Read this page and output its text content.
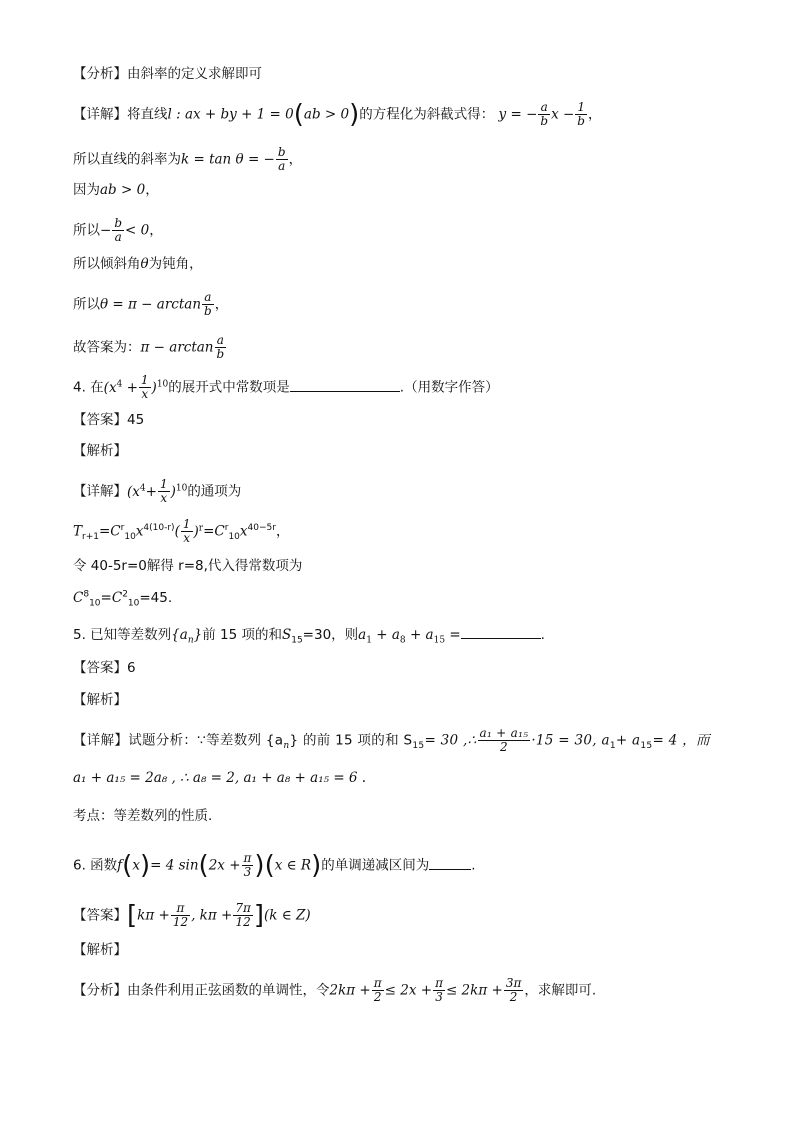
【分析】由斜率的定义求解即可
【详解】将直线l : ax + by + 1 = 0(ab > 0)的方程化为斜截式得： y = − $\frac{a}{b}$ $x - \frac{1}{b}$ ，
所以直线的斜率为k = tan θ = − $\frac{b}{a}$ ，
因为ab > 0，
所以− $\frac{b}{a} < 0$，
所以倾斜角θ为钝角，
所以$\theta = \pi - \arctan \frac{a}{b}$ ，
故答案为：$\pi - \arctan \frac{a}{b}$
4. 在$(x^4 + \frac{1}{x} )^{10}$的展开式中常数项是	.（用数字作答）
【答案】45
【解析】
【详解】$(x^4+ \frac{1}{x} )^{10}$的通项为
$T_{r+1}=C^r_{10}x^{4(10-r)}( \frac{1}{x} )^r=C^r_{10}x^{40-5r}$，
令 40-5r=0解得 r=8,代入得常数项为
$C^8_{10}=C^2_{10}=45$.
5. 已知等差数列$\{a_n\}$前 15 项的和$S_{15}=30$，则$a_1 + a_8 + a_{15}$ =	.
【答案】6
【解析】
【详解】试题分析：∵等差数列 $\{a_n\}$ 的前 15 项的和 $S_{15}= 30$ ,∴ $\frac{\text{a₁ + a₁₅}}{2} \cdot 15 = 30$, $a_1+ a_{15}= 4$ ，而
a₁ + a₁₅ = 2a₈ , ∴ a₈ = 2, a₁ + a₈ + a₁₅ = 6 .
考点：等差数列的性质.
6. 函数f(x)= 4 $\sin(2x + \frac{\pi}{3} )(x$ ∈ R)的单调递减区间为	.
【答案】[$k\pi + \frac{\pi}{12}$ , $k\pi + \frac{7\pi}{12} ](k$ ∈ Z)
【解析】
【分析】由条件利用正弦函数的单调性，令$2k\pi + \frac{\pi}{2} \le 2x + \frac{\pi}{3} \le 2k\pi + \frac{3\pi}{2}$ ，求解即可.
